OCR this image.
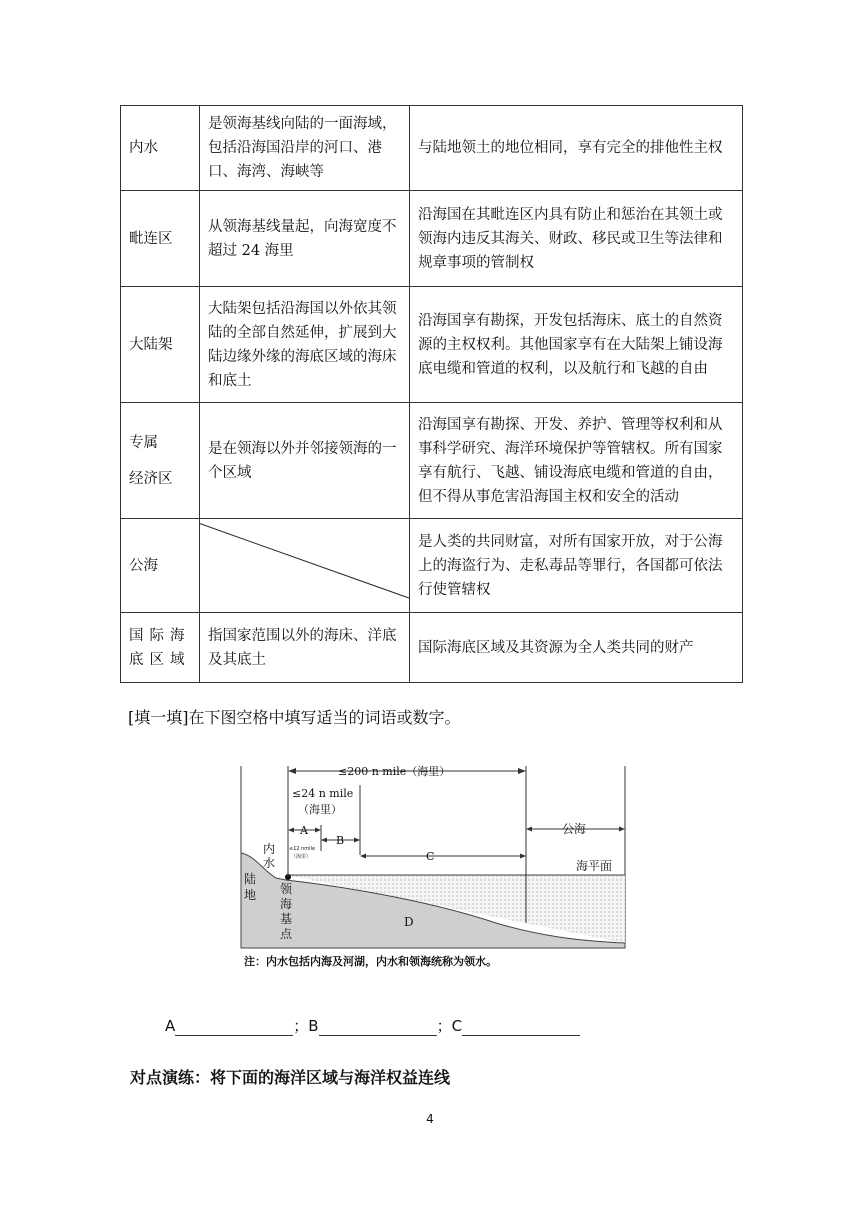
内水	是领海基线向陆的一面海域，包括沿海国沿岸的河口、港口、海湾、海峡等	与陆地领土的地位相同，享有完全的排他性主权
毗连区	从领海基线量起，向海宽度不超过 24 海里	沿海国在其毗连区内具有防止和惩治在其领土或领海内违反其海关、财政、移民或卫生等法律和规章事项的管制权
大陆架	大陆架包括沿海国以外依其领陆的全部自然延伸，扩展到大陆边缘外缘的海底区域的海床和底土	沿海国享有勘探，开发包括海床、底土的自然资源的主权权利。其他国家享有在大陆架上铺设海底电缆和管道的权利，以及航行和飞越的自由

专属
经济区	是在领海以外并邻接领海的一个区域	沿海国享有勘探、开发、养护、管理等权利和从事科学研究、海洋环境保护等管辖权。所有国家享有航行、飞越、铺设海底电缆和管道的自由，但不得从事危害沿海国主权和安全的活动
公海		是人类的共同财富，对所有国家开放，对于公海上的海盗行为、走私毒品等罪行，各国都可依法行使管辖权
国际海底区域	指国家范围以外的海床、洋底及其底土	国际海底区域及其资源为全人类共同的财产
[填一填]在下图空格中填写适当的词语或数字。
≤200 n mile（海里）
≤24 n mile
（海里）
A
B
C
D
≤12 nmile
（海里）
公海
海平面
内
水
陆
地 领
海
基
点
注：内水包括内海及河湖，内水和领海统称为领水。
A	；B	；C
对点演练：将下面的海洋区域与海洋权益连线
4
